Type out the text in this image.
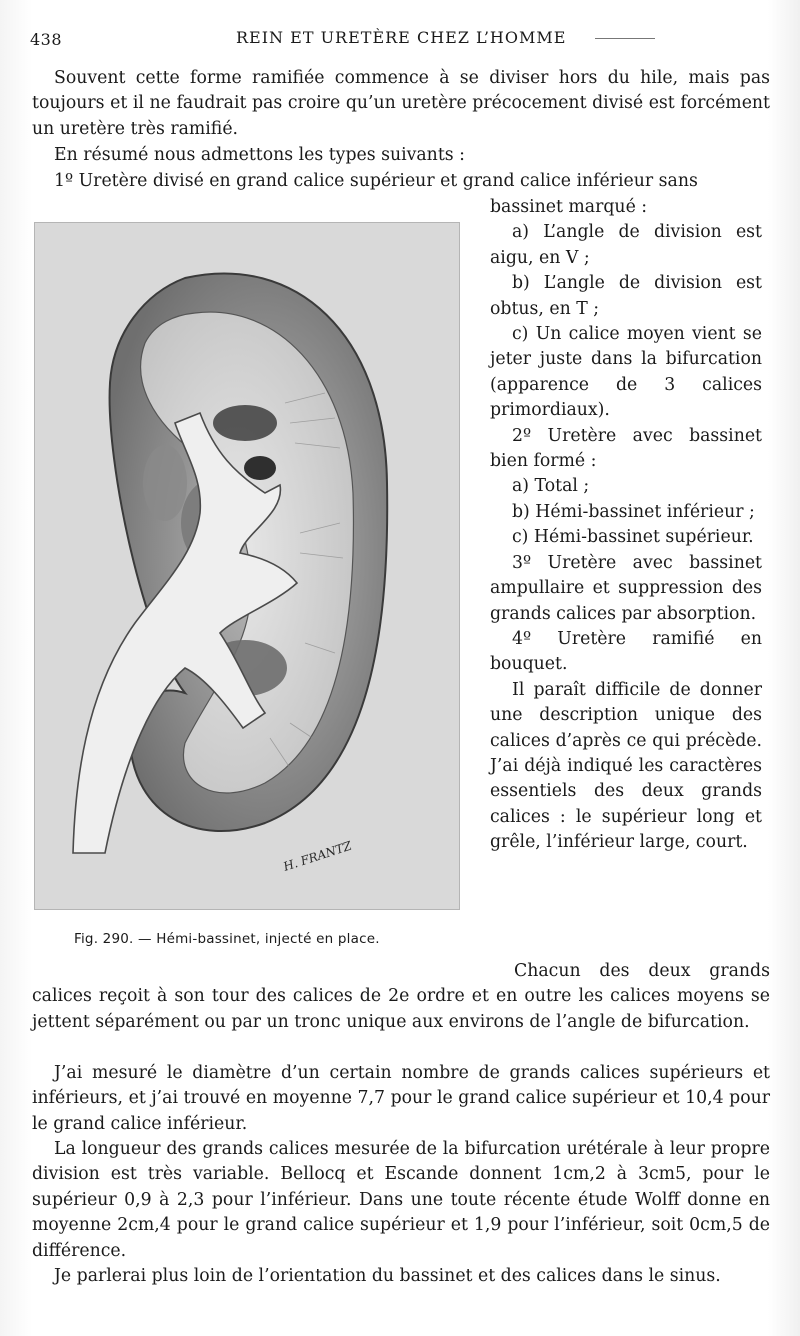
438	REIN ET URETÈRE CHEZ L’HOMME

Souvent cette forme ramifiée commence à se diviser hors du hile, mais pas toujours et il ne faudrait pas croire qu’un uretère précocement divisé est forcément un uretère très ramifié.

En résumé nous admettons les types suivants :

1º Uretère divisé en grand calice supérieur et grand calice inférieur sans

bassinet marqué :

a) L’angle de division est aigu, en V ;

b) L’angle de division est obtus, en T ;

c) Un calice moyen vient se jeter juste dans la bifurcation (apparence de 3 calices primordiaux).

2º Uretère avec bassinet bien formé :

a) Total ;

b) Hémi-bassinet inférieur ;

c) Hémi-bassinet supérieur.

3º Uretère avec bassinet ampullaire et suppression des grands calices par absorption.

4º Uretère ramifié en bouquet.

Il paraît difficile de donner une description unique des calices d’après ce qui précède. J’ai déjà indiqué les caractères essentiels des deux grands calices : le supérieur long et grêle, l’inférieur large, court.

H. FRANTZ

Fig. 290. — Hémi-bassinet, injecté en place.

Chacun des deux grands calices reçoit à son tour des calices de 2e ordre et en outre les calices moyens se jettent séparément ou par un tronc unique aux environs de l’angle de bifurcation.

J’ai mesuré le diamètre d’un certain nombre de grands calices supérieurs et inférieurs, et j’ai trouvé en moyenne 7,7 pour le grand calice supérieur et 10,4 pour le grand calice inférieur.

La longueur des grands calices mesurée de la bifurcation urétérale à leur propre division est très variable. Bellocq et Escande donnent 1cm,2 à 3cm5, pour le supérieur 0,9 à 2,3 pour l’inférieur. Dans une toute récente étude Wolff donne en moyenne 2cm,4 pour le grand calice supérieur et 1,9 pour l’inférieur, soit 0cm,5 de différence.

Je parlerai plus loin de l’orientation du bassinet et des calices dans le sinus.
